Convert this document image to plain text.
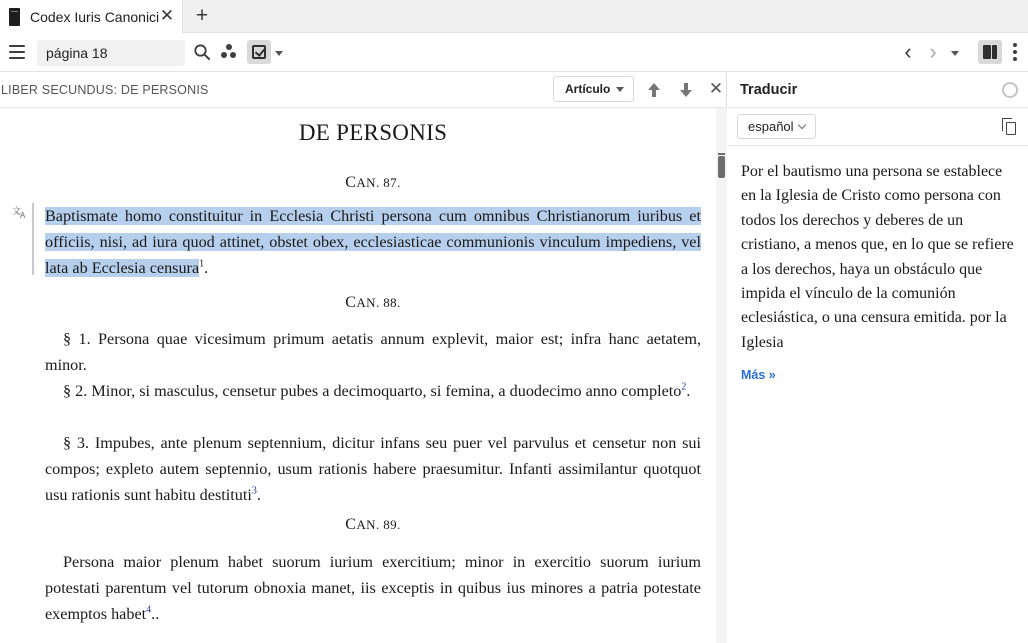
Codex Iuris Canonici ✕ +
página 18
‹ ›
LIBER SECUNDUS: DE PERSONIS	Artículo	✕
DE PERSONIS
CAN. 87.
文
A Baptismate homo constituitur in Ecclesia Christi persona cum omnibus Christianorum iuribus et officiis, nisi, ad iura quod attinet, obstet obex, ecclesiasticae communionis vinculum impediens, vel lata ab Ecclesia censura$^1$.
CAN. 88.
§ 1. Persona quae vicesimum primum aetatis annum explevit, maior est; infra hanc aetatem, minor.
§ 2. Minor, si masculus, censetur pubes a decimoquarto, si femina, a duodecimo anno completo$^2$.
§ 3. Impubes, ante plenum septennium, dicitur infans seu puer vel parvulus et censetur non sui compos; expleto autem septennio, usum rationis habere praesumitur. Infanti assimilantur quotquot usu rationis sunt habitu destituti$^3$.
CAN. 89.
Persona maior plenum habet suorum iurium exercitium; minor in exercitio suorum iurium potestati parentum vel tutorum obnoxia manet, iis exceptis in quibus ius minores a patria potestate exemptos habet$^4$..
Traducir
español
Por el bautismo una persona se establece en la Iglesia de Cristo como persona con todos los derechos y deberes de un cristiano, a menos que, en lo que se refiere a los derechos, haya un obstáculo que impida el vínculo de la comunión eclesiástica, o una censura emitida. por la Iglesia
Más »
